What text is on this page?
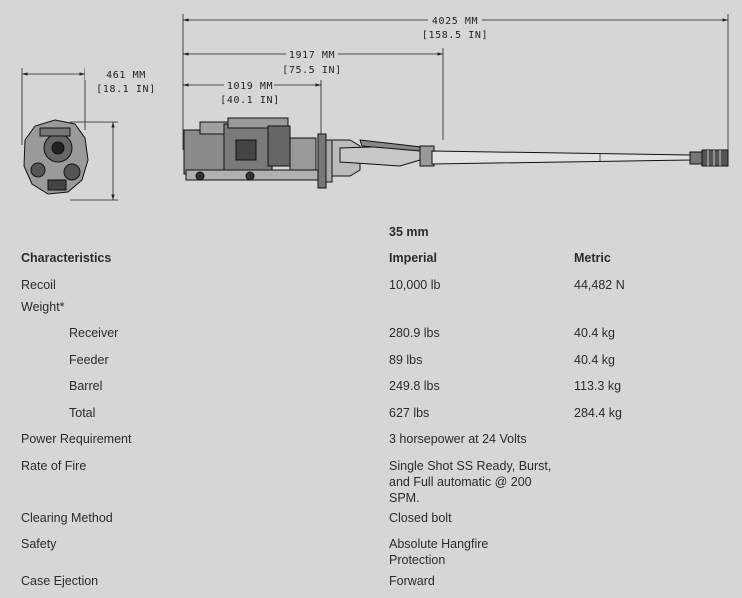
4025 MM
[158.5 IN]
1917 MM
[75.5 IN]
1019 MM
[40.1 IN]
461 MM
[18.1 IN]
35 mm
Characteristics	Imperial	Metric
Recoil	10,000 lb	44,482 N
Weight*
Receiver	280.9 lbs	40.4 kg
Feeder	89 lbs	40.4 kg
Barrel	249.8 lbs	113.3 kg
Total	627 lbs	284.4 kg
Power Requirement	3 horsepower at 24 Volts
Rate of Fire	Single Shot SS Ready, Burst, and Full automatic @ 200 SPM.
Clearing Method	Closed bolt
Safety	Absolute Hangfire Protection
Case Ejection	Forward
